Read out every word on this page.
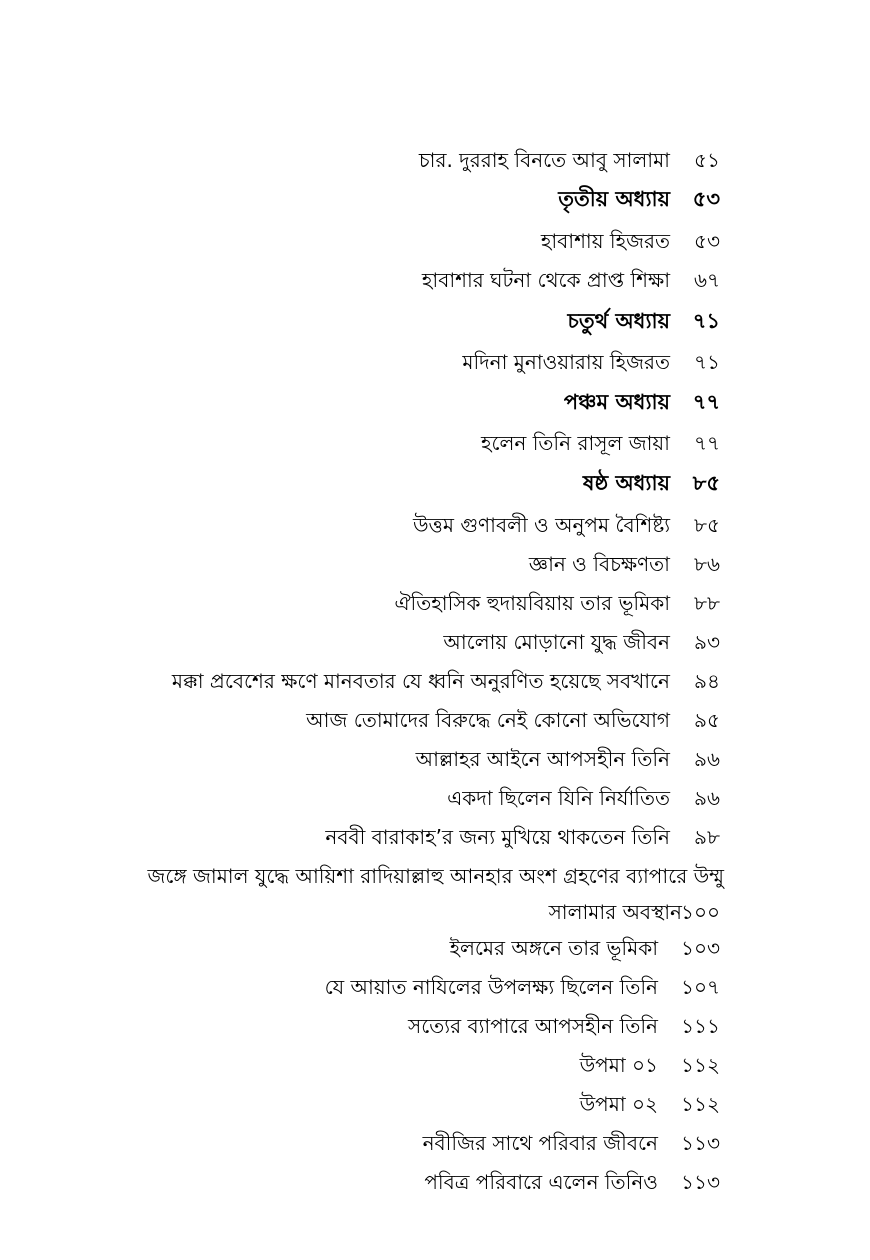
চার. দুররাহ বিনতে আবু সালামা ৫১
তৃতীয় অধ্যায় ৫৩
হাবাশায় হিজরত ৫৩
হাবাশার ঘটনা থেকে প্রাপ্ত শিক্ষা ৬৭
চতুর্থ অধ্যায় ৭১
মদিনা মুনাওয়ারায় হিজরত ৭১
পঞ্চম অধ্যায় ৭৭
হলেন তিনি রাসূল জায়া ৭৭
ষষ্ঠ অধ্যায় ৮৫
উত্তম গুণাবলী ও অনুপম বৈশিষ্ট্য ৮৫
জ্ঞান ও বিচক্ষণতা ৮৬
ঐতিহাসিক হুদায়বিয়ায় তার ভূমিকা ৮৮
আলোয় মোড়ানো যুদ্ধ জীবন ৯৩
মক্কা প্রবেশের ক্ষণে মানবতার যে ধ্বনি অনুরণিত হয়েছে সবখানে ৯৪
আজ তোমাদের বিরুদ্ধে নেই কোনো অভিযোগ ৯৫
আল্লাহর আইনে আপসহীন তিনি ৯৬
একদা ছিলেন যিনি নির্যাতিত ৯৬
নববী বারাকাহ’র জন্য মুখিয়ে থাকতেন তিনি ৯৮
জঙ্গে জামাল যুদ্ধে আয়িশা রাদিয়াল্লাহু আনহার অংশ গ্রহণের ব্যাপারে উম্মু
সালামার অবস্থান ১০০
ইলমের অঙ্গনে তার ভূমিকা ১০৩
যে আয়াত নাযিলের উপলক্ষ্য ছিলেন তিনি ১০৭
সত্যের ব্যাপারে আপসহীন তিনি ১১১
উপমা ০১ ১১২
উপমা ০২ ১১২
নবীজির সাথে পরিবার জীবনে ১১৩
পবিত্র পরিবারে এলেন তিনিও ১১৩
